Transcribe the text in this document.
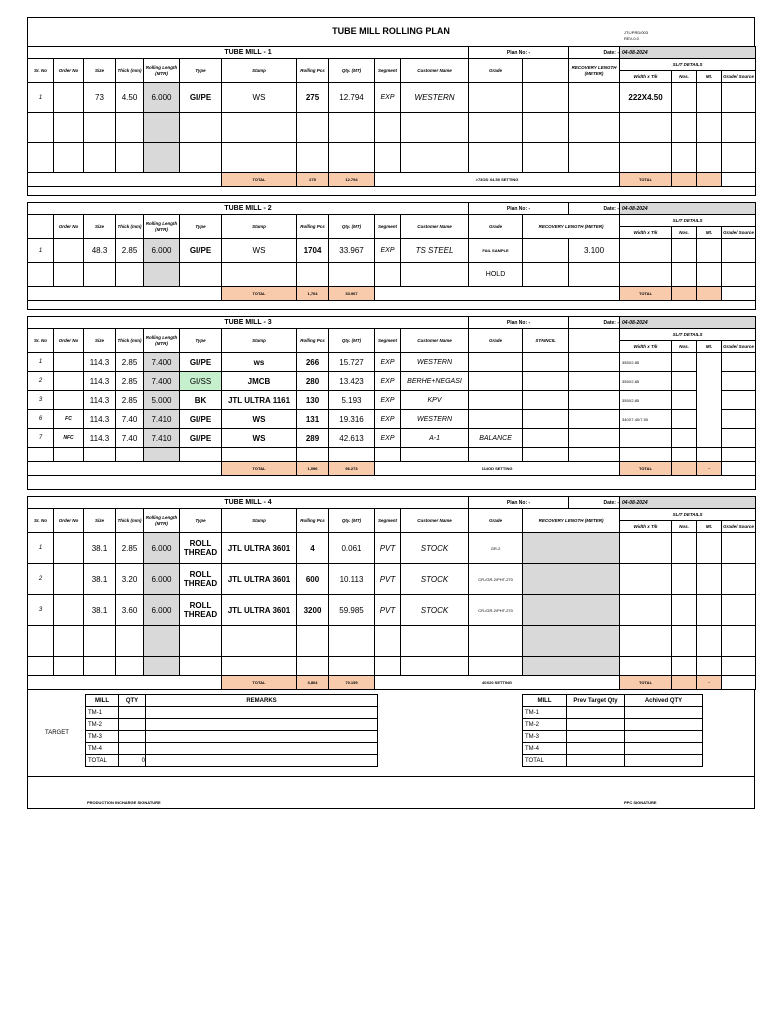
TUBE MILL ROLLING PLAN	JTL/PRD/003
REV-0.0
TUBE MILL - 1											Plan No: -		Date: -	04-08-2024			
Sr. No	Order No	Size	Thick (mm)	Rolling Length (MTR)	Type	Stamp	Rolling Pcs	Qty. (MT)	Segment	Customer Name	Grade		RECOVERY LENGTH (METER)	SLIT DETAILS			
														Width x T/k	Nos.	Mt.	Grade/ Source
1		73	4.50	6.000	GI/PE	WS	275	12.794	EXP	WESTERN				222X4.50			

						TOTAL	275	12.794	>73OD X4.50 SETTING					TOTAL			

TUBE MILL - 2											Plan No: -		Date: -	04-08-2024			
	Order No	Size	Thick (mm)	Rolling Length (MTR)	Type	Stamp	Rolling Pcs	Qty. (MT)	Segment	Customer Name	Grade	RECOVERY LENGTH (METER)		SLIT DETAILS			
														Width x T/k	Nos.	Mt.	Grade/ Source
1		48.3	2.85	6.000	GI/PE	WS	1704	33.967	EXP	TS STEEL	FAIL SAMPLE		3.100				
											HOLD						
						TOTAL	1,704	33.967						TOTAL			

TUBE MILL - 3											Plan No: -		Date: -	04-08-2024			
Sr. No	Order No	Size	Thick (mm)	Rolling Length (MTR)	Type	Stamp	Rolling Pcs	Qty. (MT)	Segment	Customer Name	Grade	STAINCIL		SLIT DETAILS			
														Width x T/k	Nos.	Mt.	Grade/ Source
1		114.3	2.85	7.400	GI/PE	ws	266	15.727	EXP	WESTERN				355X2.85			
2		114.3	2.85	7.400	GI/SS	JMCB	280	13.423	EXP	BERHE+NEGASI				355X2.85			
3		114.3	2.85	5.000	BK	JTL ULTRA 1161	130	5.193	EXP	KPV				355X2.85			
6	FC	114.3	7.40	7.410	GI/PE	WS	131	19.316	EXP	WESTERN				340X7.40/7.50			
7	NFC	114.3	7.40	7.410	GI/PE	WS	289	42.613	EXP	A-1	BALANCE						

						TOTAL	1,096	96.273	114OD SETTING					TOTAL		-	

TUBE MILL - 4											Plan No: -		Date: -	04-08-2024			
Sr. No	Order No	Size	Thick (mm)	Rolling Length (MTR)	Type	Stamp	Rolling Pcs	Qty. (MT)	Segment	Customer Name	Grade	RECOVERY LENGTH (METER)		SLIT DETAILS			
														Width x T/k	Nos.	Mt.	Grade/ Source
1		38.1	2.85	6.000	ROLL
THREAD	JTL ULTRA 3601	4	0.061	PVT	STOCK	GR-2						
2		38.1	3.20	6.000	ROLL
THREAD	JTL ULTRA 3601	600	10.113	PVT	STOCK	CR-/GR-2/PHT-270						
3		38.1	3.60	6.000	ROLL
THREAD	JTL ULTRA 3601	3200	59.985	PVT	STOCK	CR-/GR-2/PHT-270						

						TOTAL	3,804	70.159	40X20 SETTING					TOTAL		-	
TARGET
MILL	QTY	REMARKS
TM-1		
TM-2		
TM-3		
TM-4		
TOTAL	0	
MILL	Prev Target Qty	Achived QTY
TM-1		
TM-2		
TM-3		
TM-4		
TOTAL		
PRODUCTION INCHARGE SIGNATURE	PPC SIGNATURE
